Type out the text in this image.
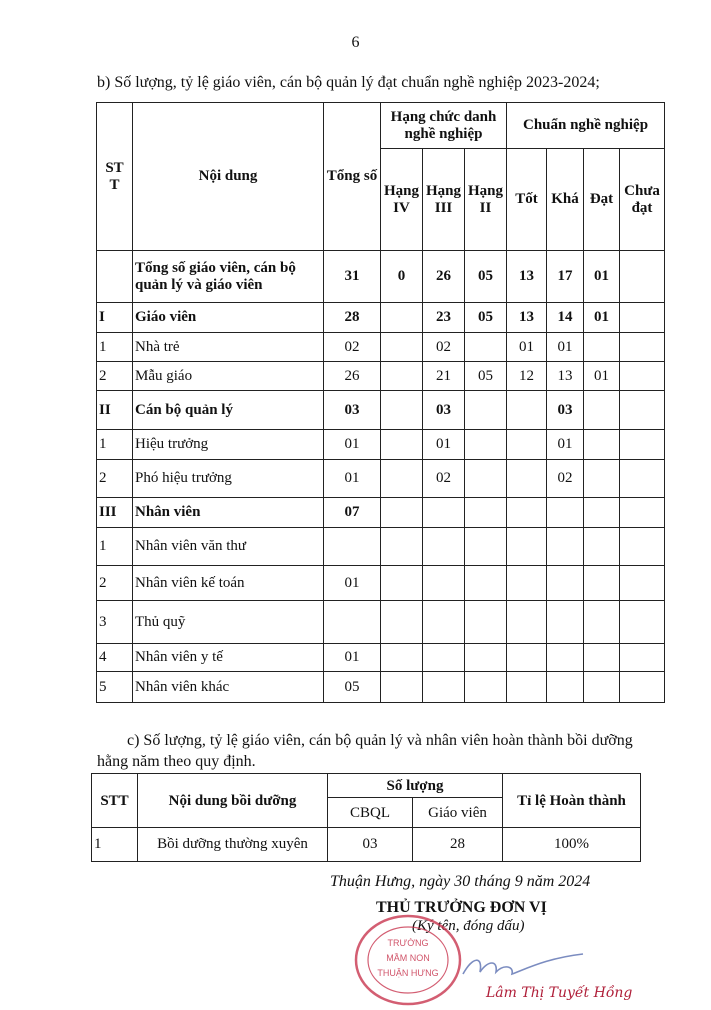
6
b) Số lượng, tỷ lệ giáo viên, cán bộ quản lý đạt chuẩn nghề nghiệp 2023-2024;
ST T	Nội dung	Tổng số	Hạng chức danh nghề nghiệp			Chuẩn nghề nghiệp			
			Hạng IV	Hạng III	Hạng II	Tốt	Khá	Đạt	Chưa đạt
	Tổng số giáo viên, cán bộ quản lý và giáo viên	31	0	26	05	13	17	01	
I	Giáo viên	28		23	05	13	14	01	
1	Nhà trẻ	02		02		01	01		
2	Mẫu giáo	26		21	05	12	13	01	
II	Cán bộ quản lý	03		03			03		
1	Hiệu trưởng	01		01			01		
2	Phó hiệu trưởng	01		02			02		
III	Nhân viên	07							
1	Nhân viên văn thư								
2	Nhân viên kế toán	01							
3	Thủ quỹ								
4	Nhân viên y tế	01							
5	Nhân viên khác	05							
c) Số lượng, tỷ lệ giáo viên, cán bộ quản lý và nhân viên hoàn thành bồi dưỡng hằng năm theo quy định.
STT	Nội dung bồi dưỡng	Số lượng		Tỉ lệ Hoàn thành
		CBQL	Giáo viên	
1	Bồi dưỡng thường xuyên	03	28	100%
Thuận Hưng, ngày 30 tháng 9 năm 2024
THỦ TRƯỞNG ĐƠN VỊ
(Ký tên, đóng dấu)
TRƯỜNG
MẦM NON
THUẬN HƯNG
Lâm Thị Tuyết Hồng
